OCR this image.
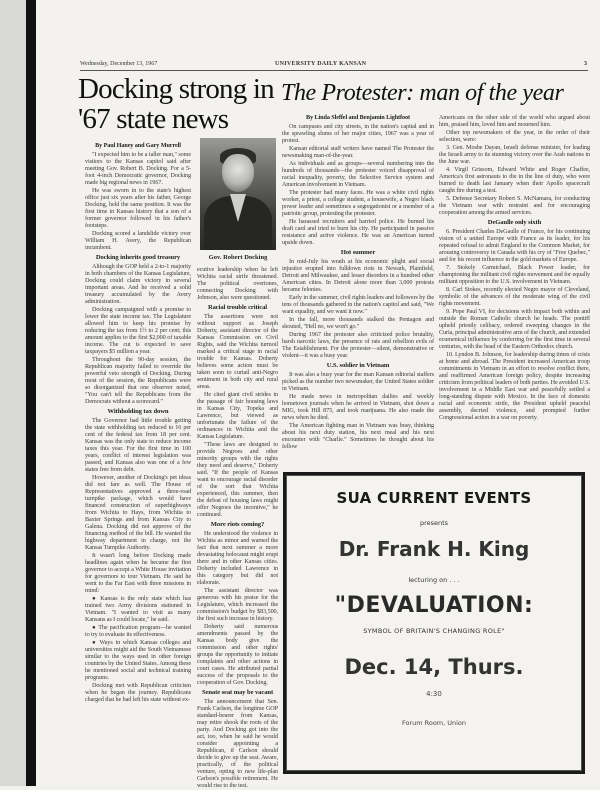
Wednesday, December 13, 1967	UNIVERSITY DAILY KANSAN	3
Docking strong in '67 state news
The Protester: man of the year

By Paul Haney and Gary Murrell

"I expected him to be a taller man," some visitors to the Kansas capitol said after meeting Gov. Robert B. Docking. For a 5-foot 4-inch Democratic governor, Docking made big regional news in 1967.

He was sworn in to the state's highest office just six years after his father, George Docking, held the same position. It was the first time in Kansas history that a son of a former governor followed in his father's footsteps.

Docking scored a landslide victory over William H. Avery, the Republican incumbent.

Docking inherits good treasury

Although the GOP held a 2-to-1 majority in both chambers of the Kansas Legislature, Docking could claim victory in several important areas. And he received a solid treasury accumulated by the Avery administration.

Docking campaigned with a promise to lower the state income tax. The Legislature allowed him to keep his promise by reducing the tax from 1½ to 2 per cent; this amount applies to the first $2,000 of taxable income. The cut is expected to save taxpayers $5 million a year.

Throughout the 90-day session, the Republican majority failed to override the powerful veto strength of Docking. During most of the session, the Republicans were so disorganized that one observer noted, "You can't tell the Republicans from the Democrats without a scorecard."

Withholding tax down

The Governor had little trouble getting the state withholding tax reduced to 16 per cent of the federal tax from 18 per cent. Kansas was the only state to reduce income taxes this year. For the first time in 100 years, conflict of interest legislation was passed, and Kansas also was one of a few states free from debt.

However, another of Docking's pet ideas did not fare as well. The House of Representatives approved a three-road turnpike package, which would have financed construction of superhighways from Wichita to Hays, from Wichita to Baxter Springs and from Kansas City to Galena. Docking did not approve of the financing method of the bill. He wanted the highway department in charge, not the Kansas Turnpike Authority.

It wasn't long before Docking made headlines again when he became the first governor to accept a White House invitation for governors to tour Vietnam. He said he went to the Far East with three missions in mind:

● Kansas is the only state which has trained two Army divisions stationed in Vietnam. "I wanted to visit as many Kansans as I could locate," he said.

● The pacification program—he wanted to try to evaluate its effectiveness.

● Ways in which Kansas colleges and universities might aid the South Vietnamese similar to the ways used in other foreign countries by the United States. Among these he mentioned social and technical training programs.

Docking met with Republican criticism when he began the journey. Republicans charged that he had left his state without ex-

Gov. Robert Docking

ecutive leadership when he left Wichita racial strife threatened. The political overtones, connecting Docking with Johnson, also were questioned.

Racial trouble critical

The assertions were not without support as Joseph Doherty, assistant director of the Kansas Commission on Civil Rights, said the Wichita turmoil marked a critical stage in racial trouble for Kansas. Doherty believes some action must be taken soon to curtail anti-Negro sentiment in both city and rural areas.

He cited giant civil strides in the passage of fair housing laws in Kansas City, Topeka and Lawrence, but viewed as unfortunate the failure of the ordinances in Wichita and the Kansas Legislature.

"These laws are designed to provide Negroes and other minority groups with the rights they need and deserve," Doherty said. "If the people of Kansas want to encourage racial disorder of the sort that Wichita experienced, this summer, then the defeat of housing laws might offer Negroes the incentive," he continued.

More riots coming?

He understood the violence in Wichita as minor and warned the fact that next summer a more devastating holocaust might erupt there and in other Kansas cities. Doherty included Lawrence in this category but did not elaborate.

The assistant director was generous with his praise for the Legislature, which increased the commission's budget by $83,500, the first such increase in history.

Doherty said numerous amendments passed by the Kansas body give the commission and other rights' groups the opportunity to initiate complaints and other actions in court cases. He attributed partial success of the proposals to the cooperation of Gov. Docking.

Senate seat may be vacant

The announcement that Sen. Frank Carlson, the longtime GOP standard-bearer from Kansas, may retire shook the roots of the party. And Docking got into the act, too, when he said he would consider appointing a Republican, if Carlson should decide to give up the seat. Aware, practically, of the political venture, opting to new life-plan Carlson's possible retirement. He would rise to the test.

By Linda Sleffel and Benjamin Lightfoot

On campuses and city streets, in the nation's capital and in the sprawling slums of her major cities, 1967 was a year of protest.

Kansan editorial staff writers have named The Protester the newsmaking man-of-the-year.

As individuals and as groups—several numbering into the hundreds of thousands—the protester voiced disapproval of racial inequality, poverty, the Selective Service system and American involvement in Vietnam.

The protester had many faces. He was a white civil rights worker, a priest, a college student, a housewife, a Negro black power leader and sometimes a segregationist or a member of a patriotic group, protesting the protester.

He harassed recruiters and harried police. He burned his draft card and tried to burn his city. He participated in passive resistance and active violence. He was an American turned upside down.

Hot summer

In mid-July his wrath at his economic plight and social injustice erupted into fulldown riots in Newark, Plainfield, Detroit and Milwaukee, and lesser disorders in a hundred other American cities. In Detroit alone more than 3,000 protests became felonies.

Early in the summer, civil rights leaders and followers by the tens of thousands gathered in the nation's capitol and said, "We want equality, and we want it now."

In the fall, more thousands stalked the Pentagon and shouted, "Hell no, we won't go."

During 1967 the protester also criticized police brutality, harsh narcotic laws, the presence of rats and rebellion evils of The Establishment. For the protester—silent, demonstrative or violent—it was a busy year.

U.S. soldier in Vietnam

It was also a busy year for the man Kansan editorial staffers picked as the number two newsmaker, the United States soldier in Vietnam.

He made news in metropolitan dailies and weekly hometown journals when he arrived in Vietnam, shot down a MIG, took Hill 875, and took marijuana. He also made the news when he died.

The American fighting man in Vietnam was busy, thinking about his next duty station, his next meal and his next encounter with "Charlie." Sometimes he thought about his fellow

Americans on the other side of the world who argued about him, praised him, loved him and mourned him.

Other top newsmakers of the year, in the order of their selection, were:

3. Gen. Moshe Dayan, Israeli defense minister, for leading the Israeli army to its stunning victory over the Arab nations in the June war.

4. Virgil Grissom, Edward White and Roger Chaffee, America's first astronauts to die in the line of duty, who were burned to death last January when their Apollo spacecraft caught fire during a test.

5. Defense Secretary Robert S. McNamara, for conducting the Vietnam war with restraint and for encouraging cooperation among the armed services.

DeGaulle only sixth

6. President Charles DeGaulle of France, for his continuing vision of a united Europe with France as its leader, for his repeated refusal to admit England to the Common Market, for arousing controversy in Canada with his cry of "Free Quebec," and for his recent influence in the gold markets of Europe.

7. Stokely Carmichael, Black Power leader, for championing the militant civil rights movement and for equally militant opposition to the U.S. involvement in Vietnam.

8. Carl Stokes, recently elected Negro mayor of Cleveland, symbolic of the advances of the moderate wing of the civil rights movement.

9. Pope Paul VI, for decisions with impact both within and outside the Roman Catholic church he heads. The pontiff upheld priestly celibacy, ordered sweeping changes in the Curia, principal administrative arm of the church, and extended ecumenical influence by conferring for the first time in several centuries, with the head of the Eastern Orthodox church.

10. Lyndon B. Johnson, for leadership during times of crisis at home and abroad. The President increased American troop commitments in Vietnam in an effort to resolve conflict there, and reaffirmed American foreign policy, despite increasing criticism from political leaders of both parties. He avoided U.S. involvement in a Middle East war and peacefully settled a long-standing dispute with Mexico. In the face of domestic racial and economic strife, the President upheld peaceful assembly, decried violence, and prompted further Congressional action in a war on poverty.

SUA CURRENT EVENTS
presents
Dr. Frank H. King
lecturing on . . .
"DEVALUATION:
SYMBOL OF BRITAIN'S CHANGING ROLE"
Dec. 14, Thurs.
4:30
Forum Room, Union
